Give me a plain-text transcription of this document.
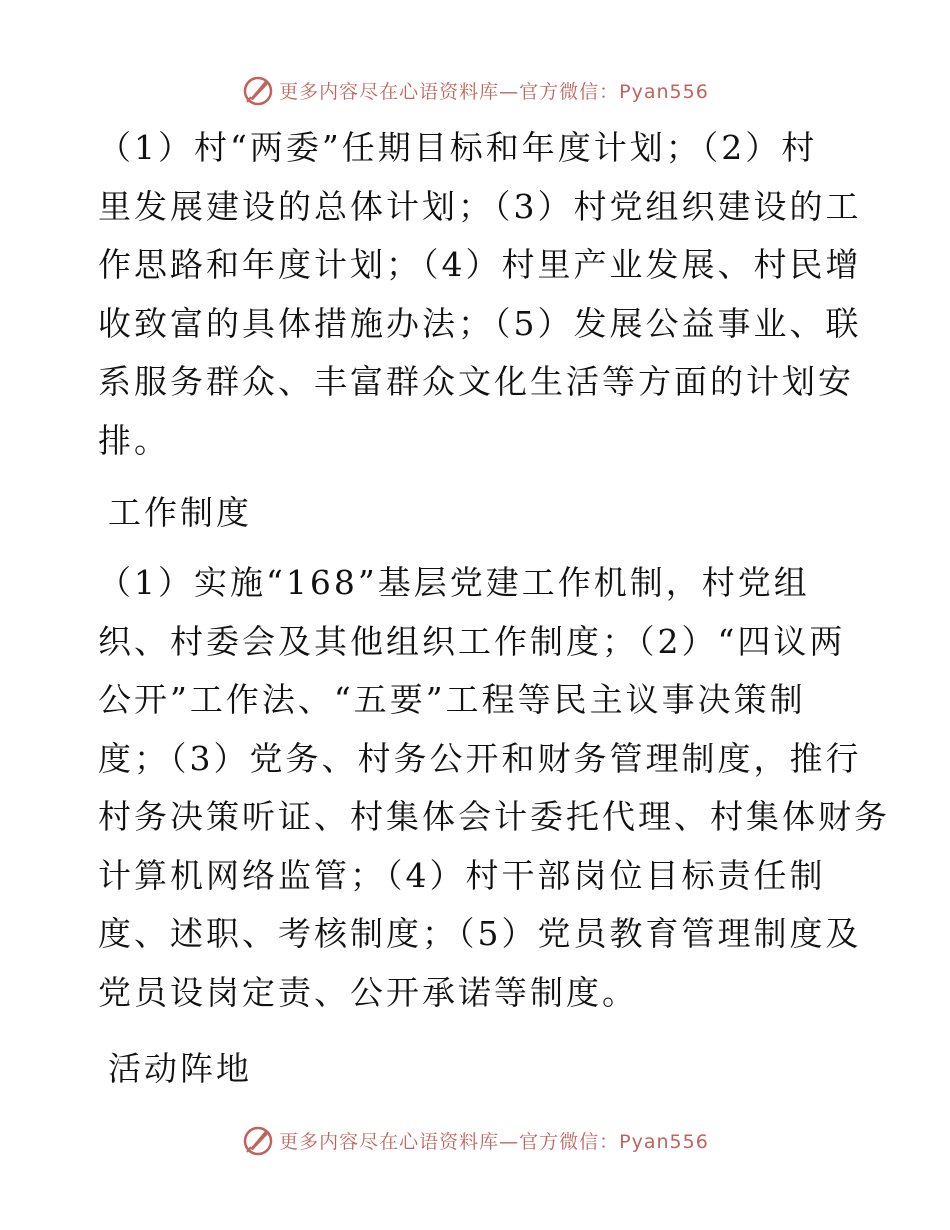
更多内容尽在心语资料库—官方微信：Pyan556
（1）村“两委”任期目标和年度计划；（2）村
里发展建设的总体计划；（3）村党组织建设的工
作思路和年度计划；（4）村里产业发展、村民增
收致富的具体措施办法；（5）发展公益事业、联
系服务群众、丰富群众文化生活等方面的计划安
排。
工作制度
（1）实施“168”基层党建工作机制，村党组
织、村委会及其他组织工作制度；（2）“四议两
公开”工作法、“五要”工程等民主议事决策制
度；（3）党务、村务公开和财务管理制度，推行
村务决策听证、村集体会计委托代理、村集体财务
计算机网络监管；（4）村干部岗位目标责任制
度、述职、考核制度；（5）党员教育管理制度及
党员设岗定责、公开承诺等制度。
活动阵地
更多内容尽在心语资料库—官方微信：Pyan556
